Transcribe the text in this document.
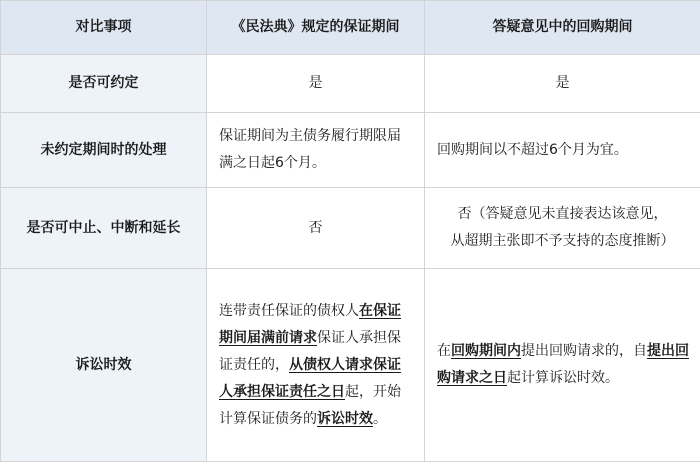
对比事项	《民法典》规定的保证期间	答疑意见中的回购期间
是否可约定	是	是
未约定期间时的处理	保证期间为主债务履行期限届满之日起6个月。	回购期间以不超过6个月为宜。
是否可中止、中断和延长	否	否（答疑意见未直接表达该意见，
从超期主张即不予支持的态度推断）

诉讼时效	连带责任保证的债权人在保证期间届满前请求保证人承担保证责任的，从债权人请求保证人承担保证责任之日起，开始计算保证债务的诉讼时效。	在回购期间内提出回购请求的，自提出回购请求之日起计算诉讼时效。
